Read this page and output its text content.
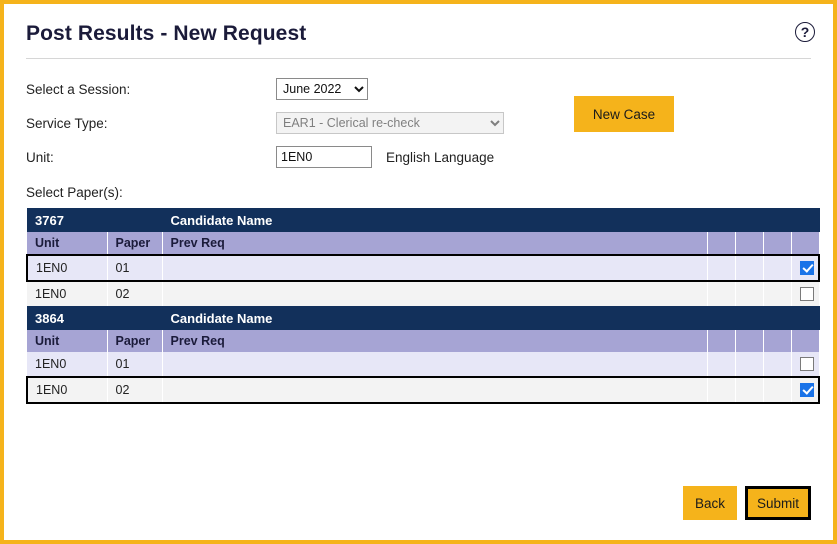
Post Results - New Request	?
Select a Session:
June 2022
Service Type:
EAR1 - Clerical re-check
Unit:
1EN0	English Language
New Case
Select Paper(s):
3767		Candidate Name				
Unit	Paper	Prev Req				
1EN0	01					

1EN0	02					

3864		Candidate Name				
Unit	Paper	Prev Req				
1EN0	01					

1EN0	02					
Back	Submit
